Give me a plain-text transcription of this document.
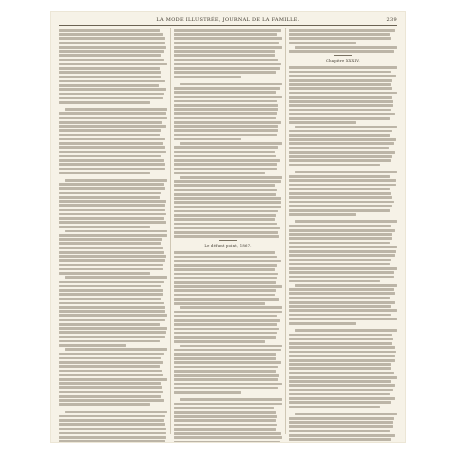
LA MODE ILLUSTRÉE, JOURNAL DE LA FAMILLE.	239
Le défunt point, 1867.
Chapitre XXXIV.
